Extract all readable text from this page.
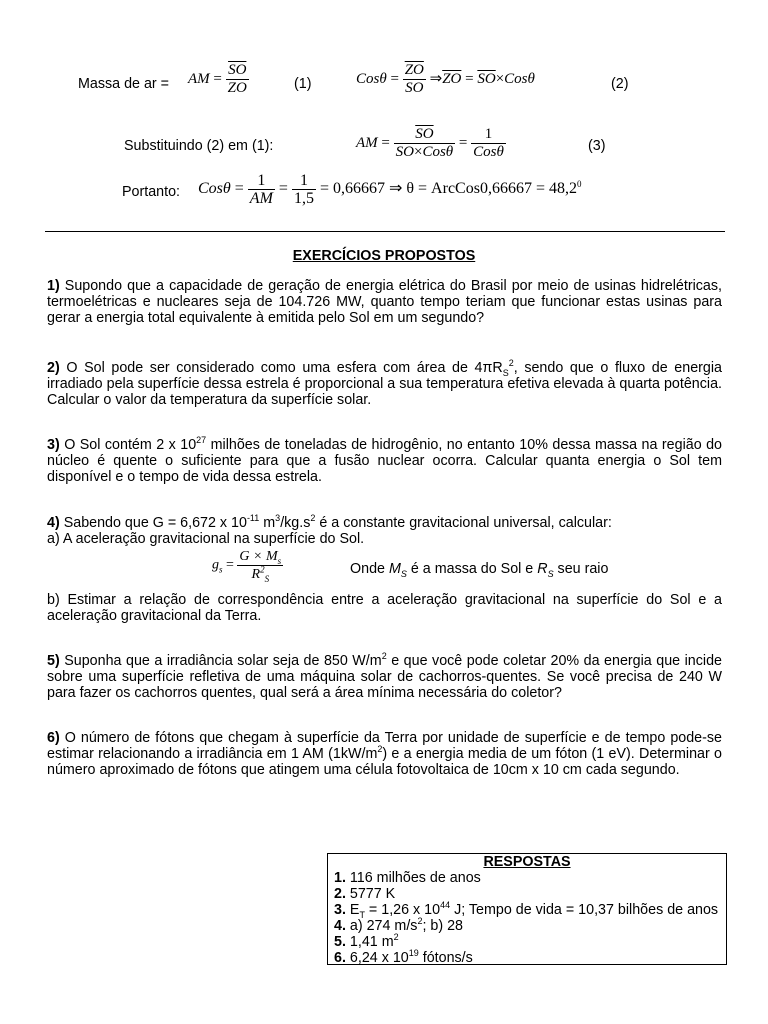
Massa de ar = AM = $\frac{\overline{SO}}{ZO}$	(1)	$Cos\theta = \frac{\overline{ZO}}{SO}$ $\Rightarrow\overline{ZO} = \overline{SO}\times Cos\theta$	(2)
Substituindo (2) em (1):	AM = $\frac{\overline{SO}}{\overline{SO}\times Cos\theta} = \frac{1}{\text{Cosθ}}$	(3)
Portanto: $Cos\theta = \frac{1}{AM} = \frac{1}{1,5} = 0,66667$ ⇒ θ = ArcCos0,66667 = $48,2^0$
EXERCÍCIOS PROPOSTOS
1) Supondo que a capacidade de geração de energia elétrica do Brasil por meio de usinas hidrelétricas, termoelétricas e nucleares seja de 104.726 MW, quanto tempo teriam que funcionar estas usinas para gerar a energia total equivalente à emitida pelo Sol em um segundo?
2) O Sol pode ser considerado como uma esfera com área de $4\pi R_S^2$, sendo que o fluxo de energia irradiado pela superfície dessa estrela é proporcional a sua temperatura efetiva elevada à quarta potência. Calcular o valor da temperatura da superfície solar.
3) O Sol contém 2 x $10^{27}$ milhões de toneladas de hidrogênio, no entanto 10% dessa massa na região do núcleo é quente o suficiente para que a fusão nuclear ocorra. Calcular quanta energia o Sol tem disponível e o tempo de vida dessa estrela.
4) Sabendo que G = 6,672 x $10^{-11}$ $m^3/kg.s^2$ é a constante gravitacional universal, calcular:
a) A aceleração gravitacional na superfície do Sol.
$g_s = \frac{G \times M_s}{R^2_S}$	Onde $M_S$ é a massa do Sol e $R_S$ seu raio
b) Estimar a relação de correspondência entre a aceleração gravitacional na superfície do Sol e a aceleração gravitacional da Terra.
5) Suponha que a irradiância solar seja de 850 $W/m^2$ e que você pode coletar 20% da energia que incide sobre uma superfície refletiva de uma máquina solar de cachorros-quentes. Se você precisa de 240 W para fazer os cachorros quentes, qual será a área mínima necessária do coletor?
6) O número de fótons que chegam à superfície da Terra por unidade de superfície e de tempo pode-se estimar relacionando a irradiância em 1 AM $(1kW/m^2)$ e a energia media de um fóton (1 eV). Determinar o número aproximado de fótons que atingem uma célula fotovoltaica de 10cm x 10 cm cada segundo.
RESPOSTAS
1. 116 milhões de anos
2. 5777 K
3. $E_T = 1,26$ x $10^{44}$ J; Tempo de vida = 10,37 bilhões de anos
4. a) 274 $m/s^2$; b) 28
5. 1,41 $m^2$
6. 6,24 x $10^{19}$ fótons/s
